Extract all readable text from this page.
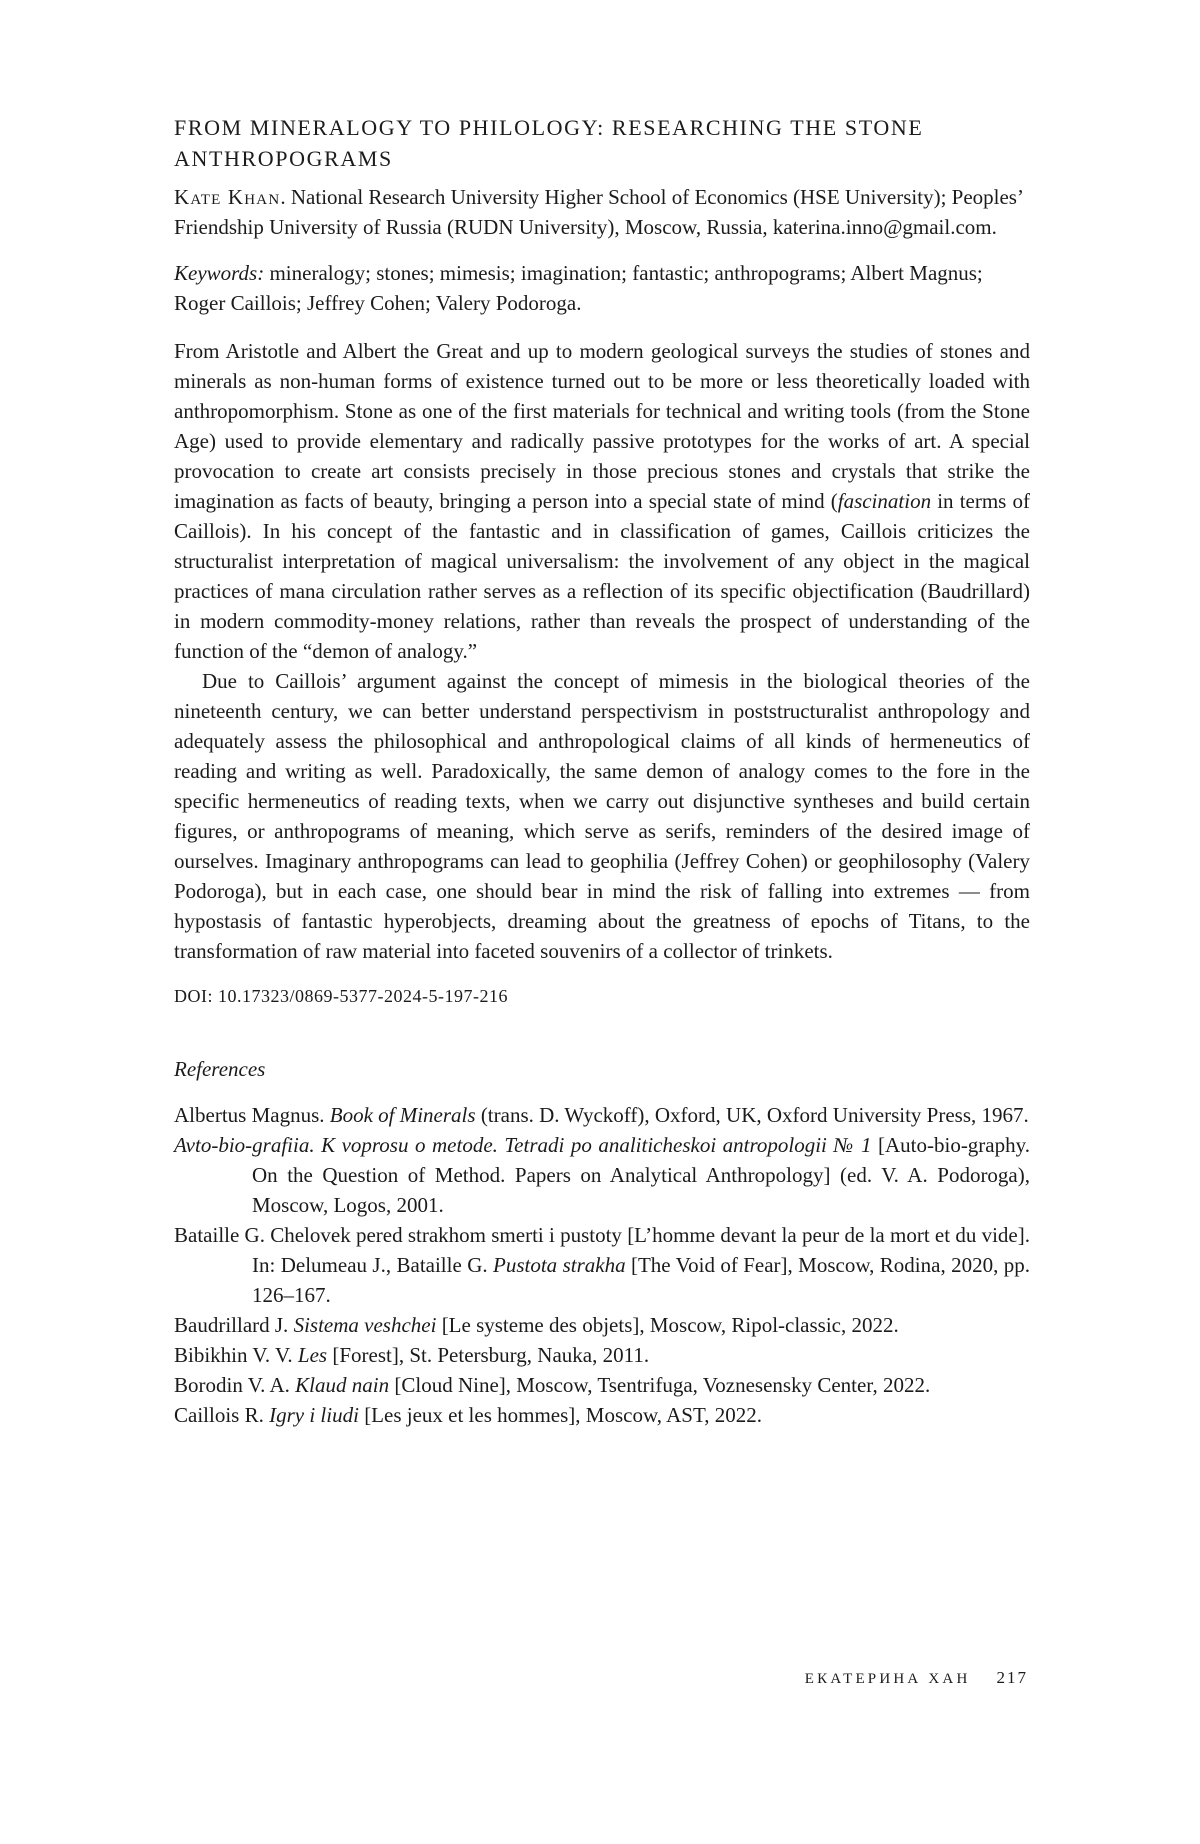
FROM MINERALOGY TO PHILOLOGY: RESEARCHING THE STONE ANTHROPOGRAMS

Kate Khan. National Research University Higher School of Economics (HSE University); Peoples’ Friendship University of Russia (RUDN University), Moscow, Russia, katerina.inno@gmail.com.

Keywords: mineralogy; stones; mimesis; imagination; fantastic; anthropograms; Albert Magnus; Roger Caillois; Jeffrey Cohen; Valery Podoroga.

From Aristotle and Albert the Great and up to modern geological surveys the studies of stones and minerals as non-human forms of existence turned out to be more or less theoretically loaded with anthropomorphism. Stone as one of the first materials for technical and writing tools (from the Stone Age) used to provide elementary and radically passive prototypes for the works of art. A special provocation to create art consists precisely in those precious stones and crystals that strike the imagination as facts of beauty, bringing a person into a special state of mind (fascination in terms of Caillois). In his concept of the fantastic and in classification of games, Caillois criticizes the structuralist interpretation of magical universalism: the involvement of any object in the magical practices of mana circulation rather serves as a reflection of its specific objectification (Baudrillard) in modern commodity-money relations, rather than reveals the prospect of understanding of the function of the “demon of analogy.”

Due to Caillois’ argument against the concept of mimesis in the biological theories of the nineteenth century, we can better understand perspectivism in poststructuralist anthropology and adequately assess the philosophical and anthropological claims of all kinds of hermeneutics of reading and writing as well. Paradoxically, the same demon of analogy comes to the fore in the specific hermeneutics of reading texts, when we carry out disjunctive syntheses and build certain figures, or anthropograms of meaning, which serve as serifs, reminders of the desired image of ourselves. Imaginary anthropograms can lead to geophilia (Jeffrey Cohen) or geophilosophy (Valery Podoroga), but in each case, one should bear in mind the risk of falling into extremes — from hypostasis of fantastic hyperobjects, dreaming about the greatness of epochs of Titans, to the transformation of raw material into faceted souvenirs of a collector of trinkets.

DOI: 10.17323/0869-5377-2024-5-197-216

References

Albertus Magnus. Book of Minerals (trans. D. Wyckoff), Oxford, UK, Oxford University Press, 1967.

Avto-bio-grafiia. K voprosu o metode. Tetradi po analiticheskoi antropologii № 1 [Auto-bio-graphy. On the Question of Method. Papers on Analytical Anthropology] (ed. V. A. Podoroga), Moscow, Logos, 2001.

Bataille G. Chelovek pered strakhom smerti i pustoty [L’homme devant la peur de la mort et du vide]. In: Delumeau J., Bataille G. Pustota strakha [The Void of Fear], Moscow, Rodina, 2020, pp. 126–167.

Baudrillard J. Sistema veshchei [Le systeme des objets], Moscow, Ripol-classic, 2022.

Bibikhin V. V. Les [Forest], St. Petersburg, Nauka, 2011.

Borodin V. A. Klaud nain [Cloud Nine], Moscow, Tsentrifuga, Voznesensky Center, 2022.

Caillois R. Igry i liudi [Les jeux et les hommes], Moscow, AST, 2022.

ЕКАТЕРИНА ХАН 217
